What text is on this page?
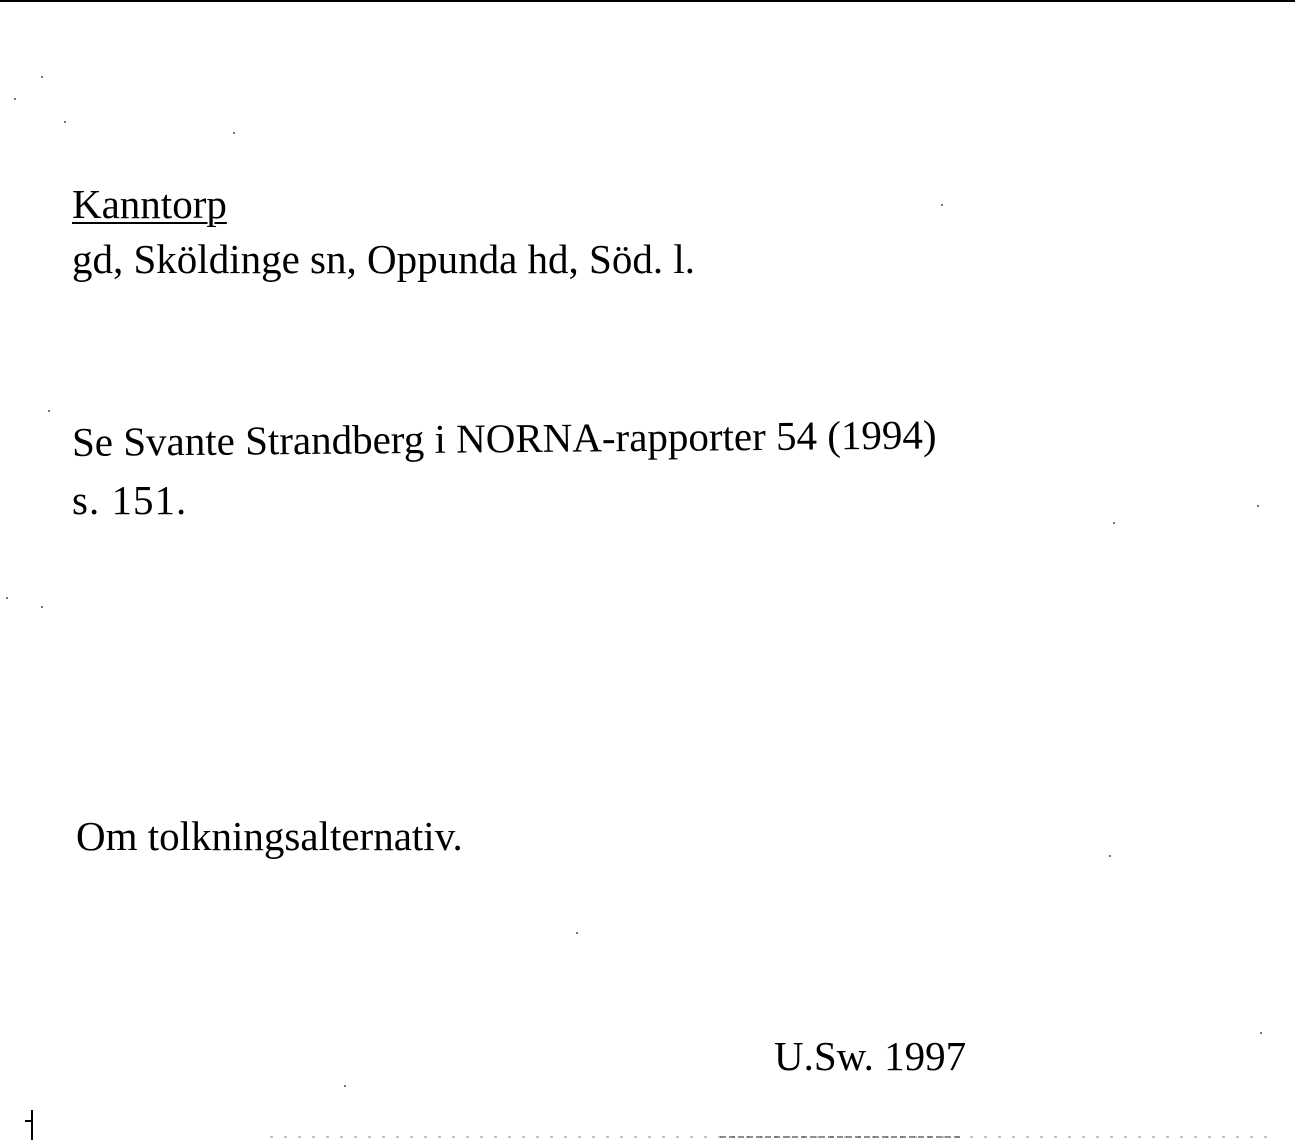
Kanntorp
gd, Sköldinge sn, Oppunda hd, Söd. l.
Se Svante Strandberg i NORNA-rapporter 54 (1994)
s. 151.
Om tolkningsalternativ.
U.Sw. 1997
